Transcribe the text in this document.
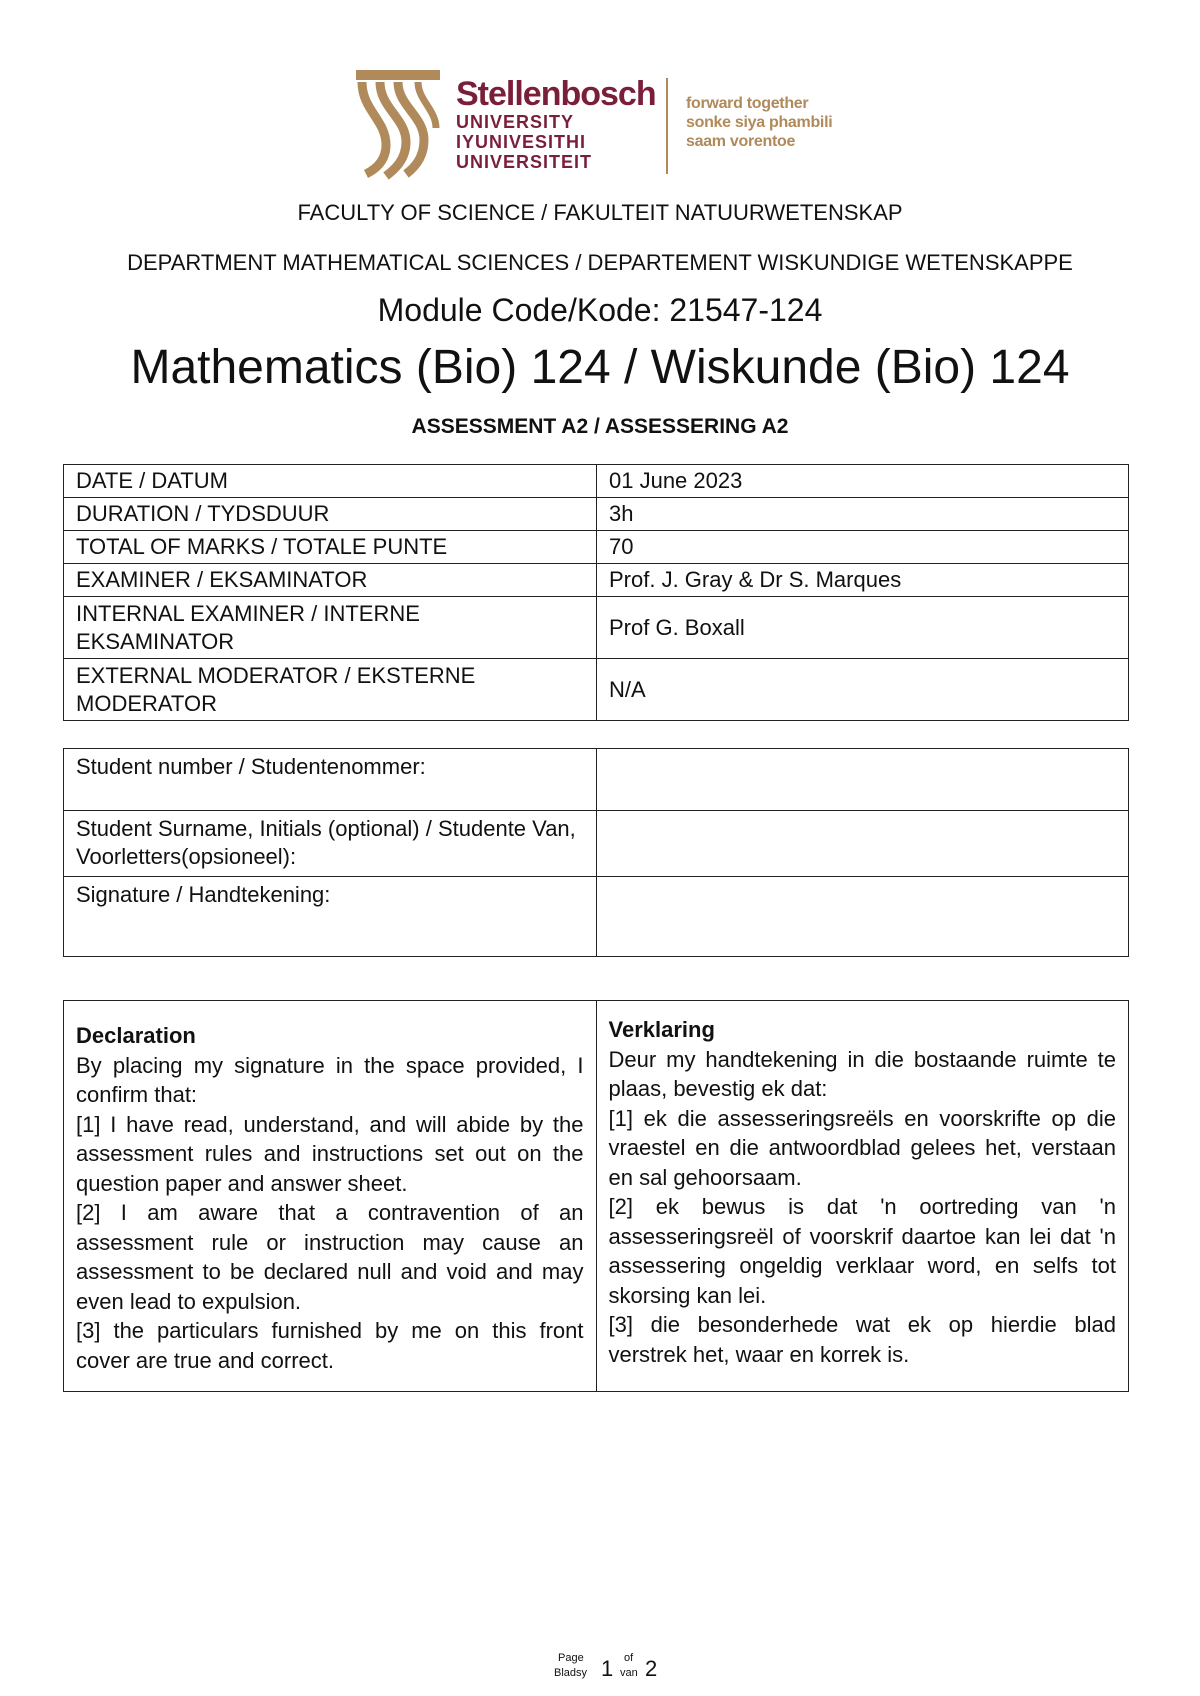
Stellenbosch
UNIVERSITY
IYUNIVESITHI
UNIVERSITEIT
forward together
sonke siya phambili
saam vorentoe
FACULTY OF SCIENCE / FAKULTEIT NATUURWETENSKAP
DEPARTMENT MATHEMATICAL SCIENCES / DEPARTEMENT WISKUNDIGE WETENSKAPPE
Module Code/Kode: 21547-124
Mathematics (Bio) 124 / Wiskunde (Bio) 124
ASSESSMENT A2 / ASSESSERING A2
DATE / DATUM	01 June 2023
DURATION / TYDSDUUR	3h
TOTAL OF MARKS / TOTALE PUNTE	70
EXAMINER / EKSAMINATOR	Prof. J. Gray & Dr S. Marques
INTERNAL EXAMINER / INTERNE EKSAMINATOR	Prof G. Boxall
EXTERNAL MODERATOR / EKSTERNE MODERATOR	N/A
Student number / Studentenommer:	
Student Surname, Initials (optional) / Studente Van, Voorletters(opsioneel):	
Signature / Handtekening:	
Declaration
By placing my signature in the space provided, I confirm that:
[1] I have read, understand, and will abide by the assessment rules and instructions set out on the question paper and answer sheet.
[2] I am aware that a contravention of an assessment rule or instruction may cause an assessment to be declared null and void and may even lead to expulsion.
[3] the particulars furnished by me on this front cover are true and correct.

Verklaring
Deur my handtekening in die bostaande ruimte te plaas, bevestig ek dat:
[1] ek die assesseringsreëls en voorskrifte op die vraestel en die antwoordblad gelees het, verstaan en sal gehoorsaam.
[2] ek bewus is dat 'n oortreding van 'n assesseringsreël of voorskrif daartoe kan lei dat 'n assessering ongeldig verklaar word, en selfs tot skorsing kan lei.
[3] die besonderhede wat ek op hierdie blad verstrek het, waar en korrek is.
Page
Bladsy 1 of
van 2
